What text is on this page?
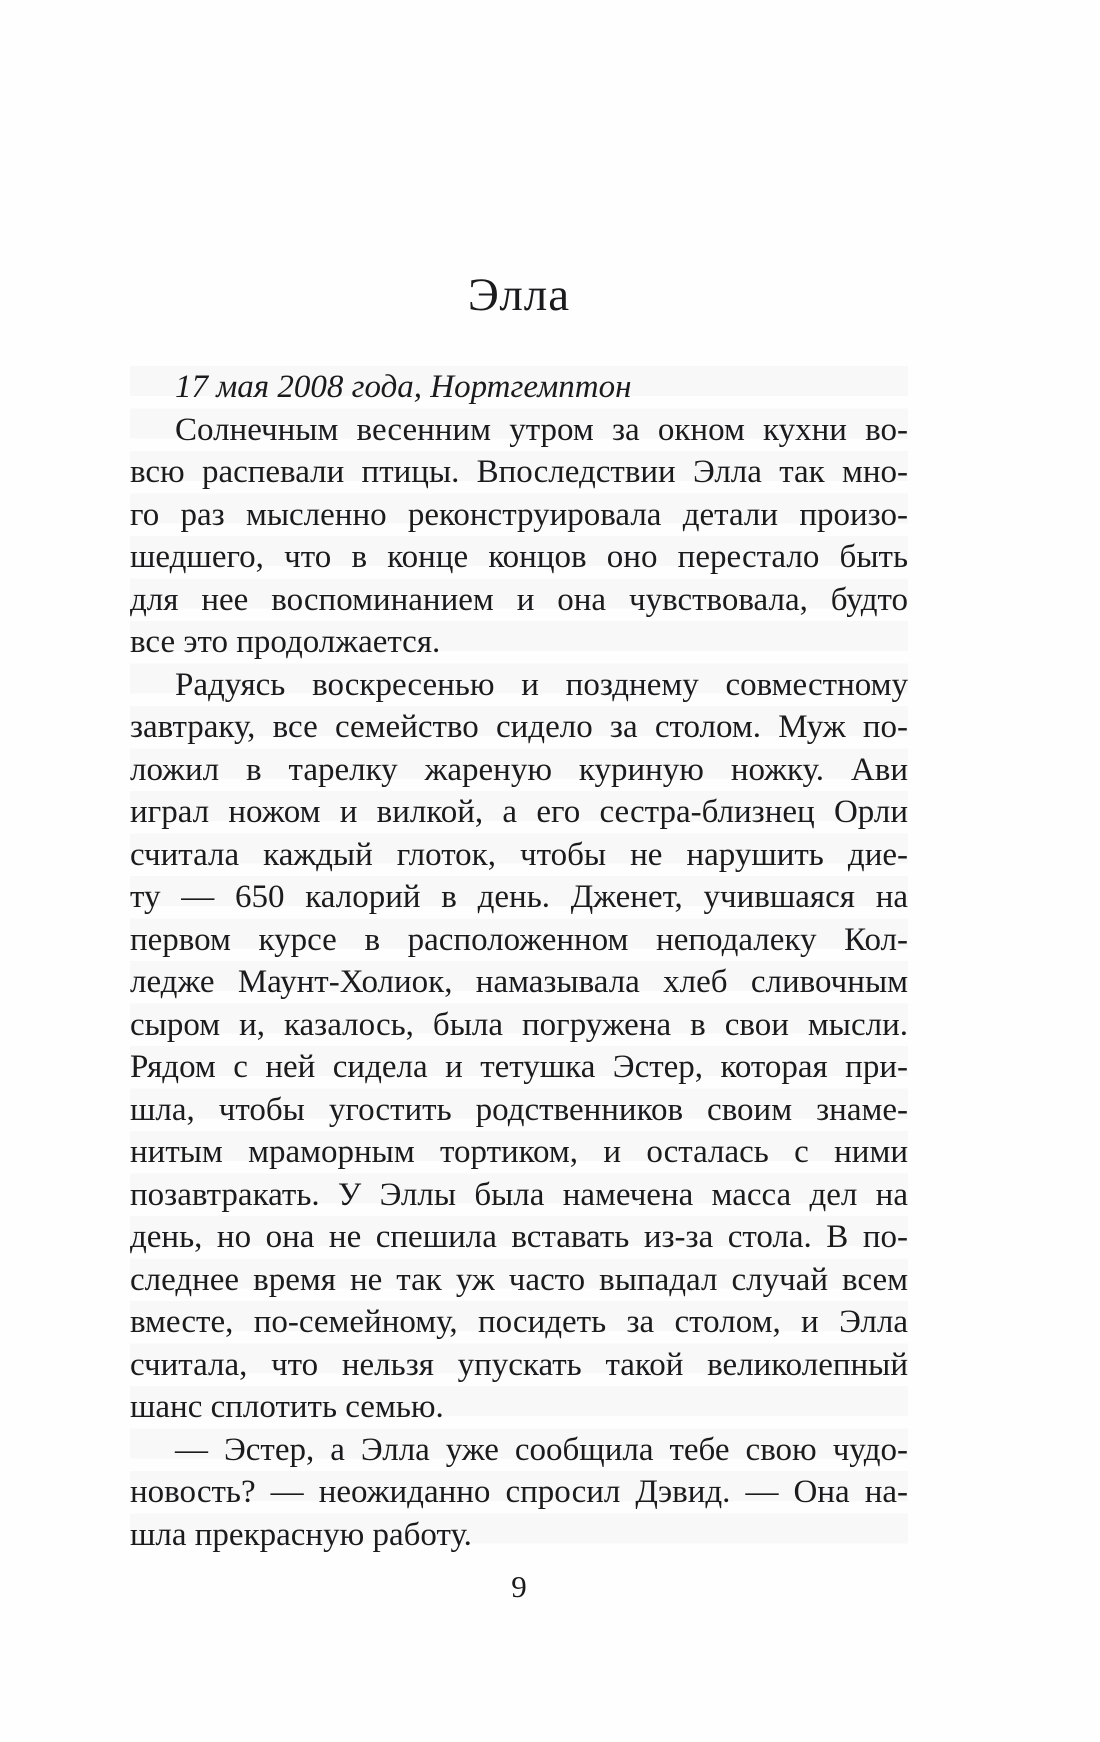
Элла
17 мая 2008 года, Нортгемптон
Солнечным весенним утром за окном кухни во-
всю распевали птицы. Впоследствии Элла так мно-
го раз мысленно реконструировала детали произо-
шедшего, что в конце концов оно перестало быть
для нее воспоминанием и она чувствовала, будто
все это продолжается.
Радуясь воскресенью и позднему совместному
завтраку, все семейство сидело за столом. Муж по-
ложил в тарелку жареную куриную ножку. Ави
играл ножом и вилкой, а его сестра-близнец Орли
считала каждый глоток, чтобы не нарушить дие-
ту — 650 калорий в день. Дженет, учившаяся на
первом курсе в расположенном неподалеку Кол-
ледже Маунт-Холиок, намазывала хлеб сливочным
сыром и, казалось, была погружена в свои мысли.
Рядом с ней сидела и тетушка Эстер, которая при-
шла, чтобы угостить родственников своим знаме-
нитым мраморным тортиком, и осталась с ними
позавтракать. У Эллы была намечена масса дел на
день, но она не спешила вставать из-за стола. В по-
следнее время не так уж часто выпадал случай всем
вместе, по-семейному, посидеть за столом, и Элла
считала, что нельзя упускать такой великолепный
шанс сплотить семью.
— Эстер, а Элла уже сообщила тебе свою чудо-
новость? — неожиданно спросил Дэвид. — Она на-
шла прекрасную работу.
9
